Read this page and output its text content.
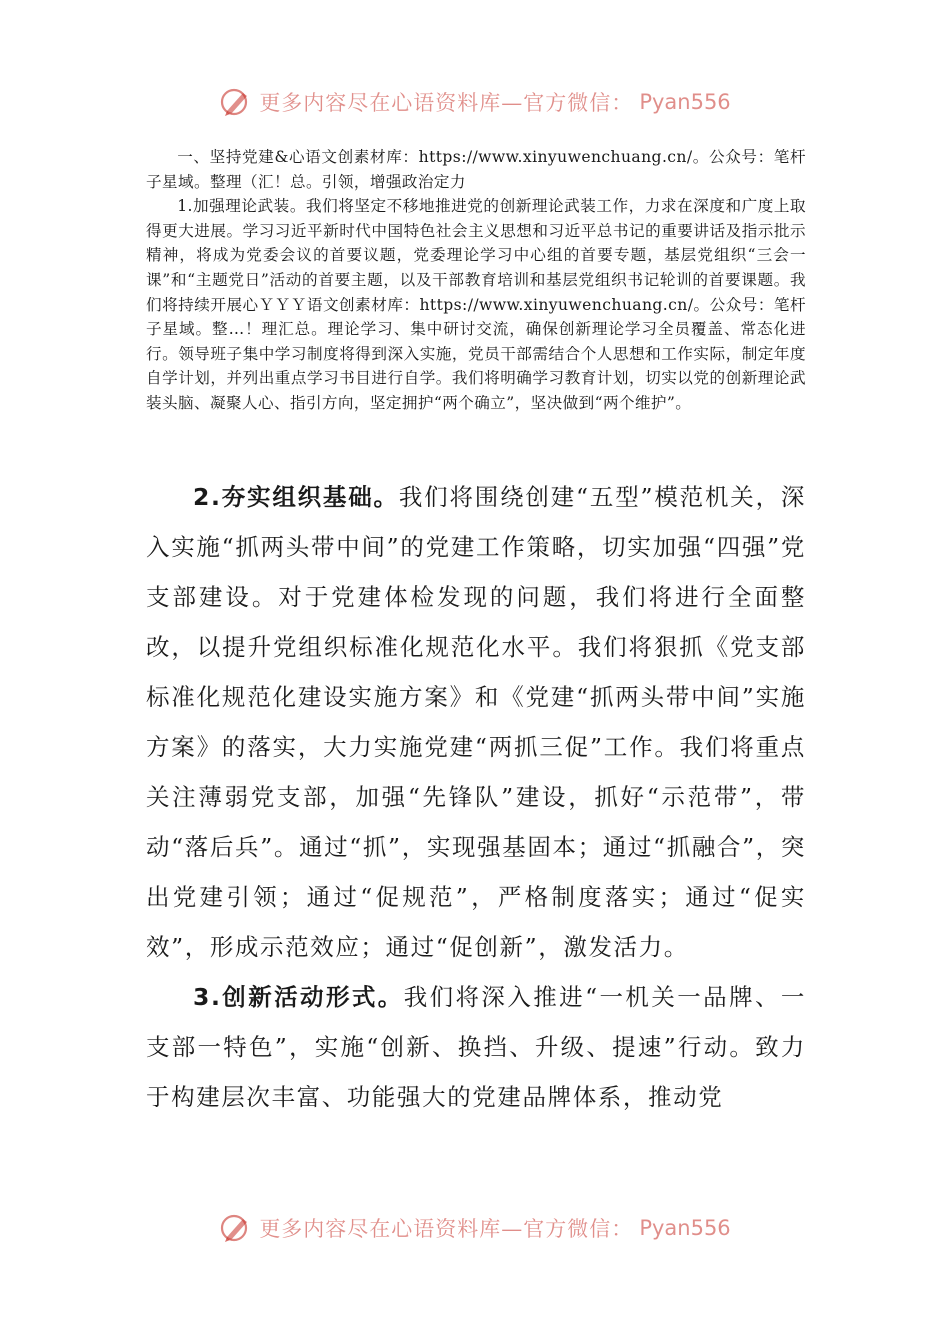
更多内容尽在心语资料库—官方微信： Pyan556

一、坚持党建&心语文创素材库：https://www.xinyuwenchuang.cn/。公众号：笔杆子星域。整理（汇！总。引领，增强政治定力

1.加强理论武装。我们将坚定不移地推进党的创新理论武装工作，力求在深度和广度上取得更大进展。学习习近平新时代中国特色社会主义思想和习近平总书记的重要讲话及指示批示精神，将成为党委会议的首要议题，党委理论学习中心组的首要专题，基层党组织“三会一课”和“主题党日”活动的首要主题，以及干部教育培训和基层党组织书记轮训的首要课题。我们将持续开展心ＹＹＹ语文创素材库：https://www.xinyuwenchuang.cn/。公众号：笔杆子星域。整…！理汇总。理论学习、集中研讨交流，确保创新理论学习全员覆盖、常态化进行。领导班子集中学习制度将得到深入实施，党员干部需结合个人思想和工作实际，制定年度自学计划，并列出重点学习书目进行自学。我们将明确学习教育计划，切实以党的创新理论武装头脑、凝聚人心、指引方向，坚定拥护“两个确立”，坚决做到“两个维护”。

2.夯实组织基础。我们将围绕创建“五型”模范机关，深入实施“抓两头带中间”的党建工作策略，切实加强“四强”党支部建设。对于党建体检发现的问题，我们将进行全面整改，以提升党组织标准化规范化水平。我们将狠抓《党支部标准化规范化建设实施方案》和《党建“抓两头带中间”实施方案》的落实，大力实施党建“两抓三促”工作。我们将重点关注薄弱党支部，加强“先锋队”建设，抓好“示范带”，带动“落后兵”。通过“抓”，实现强基固本；通过“抓融合”，突出党建引领；通过“促规范”，严格制度落实；通过“促实效”，形成示范效应；通过“促创新”，激发活力。

3.创新活动形式。我们将深入推进“一机关一品牌、一支部一特色”，实施“创新、换挡、升级、提速”行动。致力于构建层次丰富、功能强大的党建品牌体系，推动党

更多内容尽在心语资料库—官方微信： Pyan556
